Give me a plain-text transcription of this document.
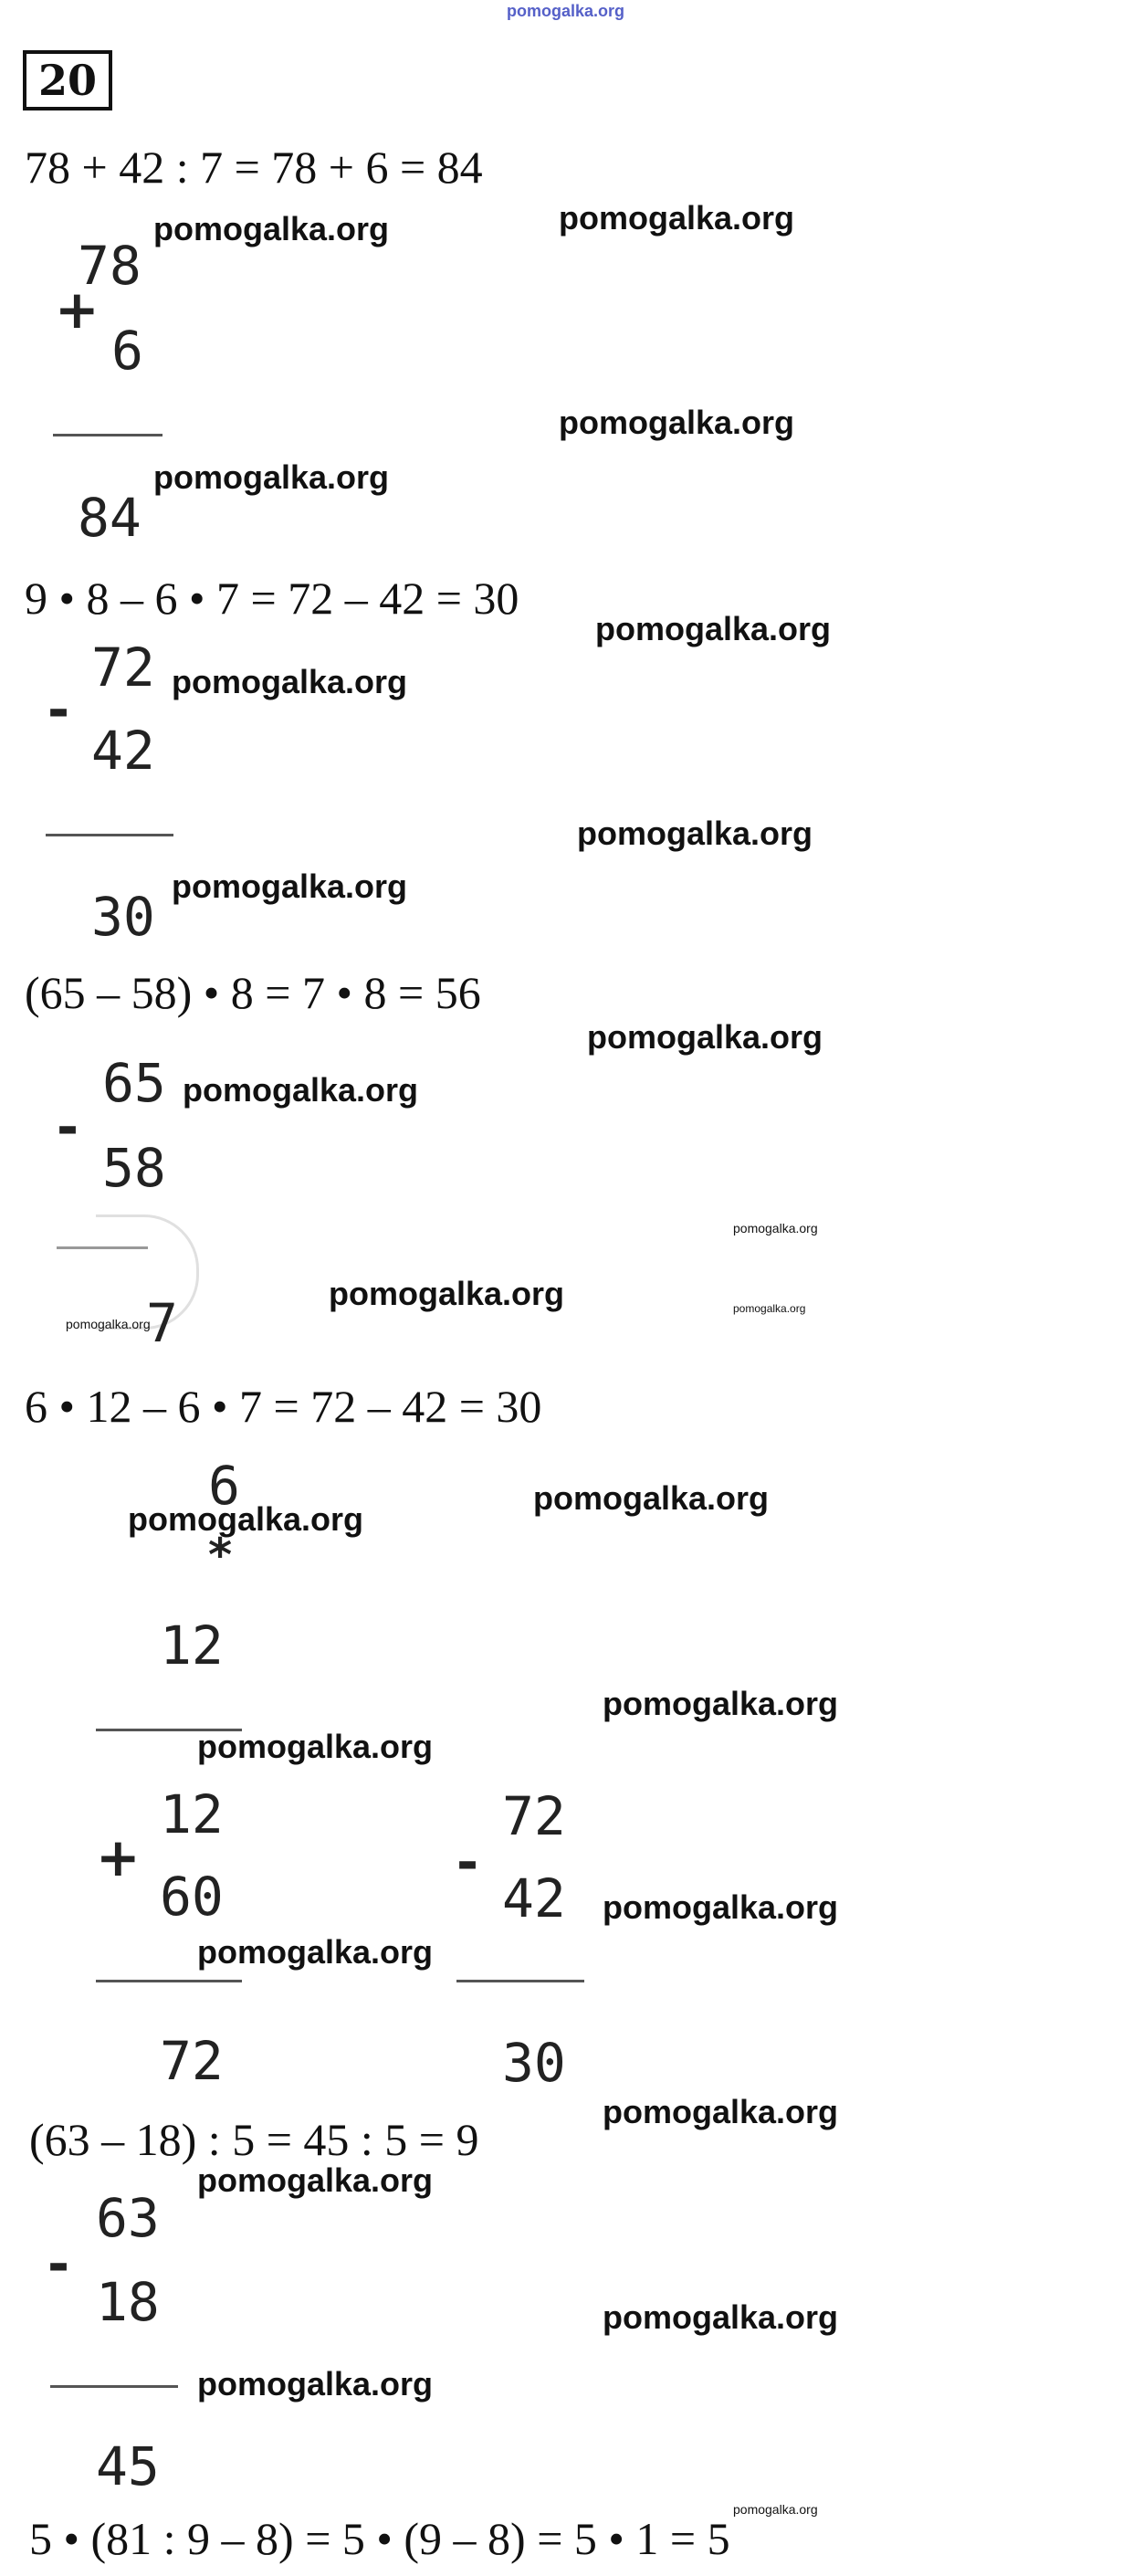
pomogalka.org
20
78 + 42 : 7 = 78 + 6 = 84
+
78
6
84
9 • 8 – 6 • 7 = 72 – 42 = 30
-
72
42
30
(65 – 58) • 8 = 7 • 8 = 56
-
65
58
7
6 • 12 – 6 • 7 = 72 – 42 = 30
6
*
12
+
12
60
72
-
72
42
30
(63 – 18) : 5 = 45 : 5 = 9
-
63
18
45
5 • (81 : 9 – 8) = 5 • (9 – 8) = 5 • 1 = 5
pomogalka.org	pomogalka.org
pomogalka.org
pomogalka.org
pomogalka.org
pomogalka.org
pomogalka.org
pomogalka.org
pomogalka.org
pomogalka.org
pomogalka.org
pomogalka.org	pomogalka.org
pomogalka.org
pomogalka.org
pomogalka.org
pomogalka.org
pomogalka.org
pomogalka.org
pomogalka.org
pomogalka.org
pomogalka.org
pomogalka.org
pomogalka.org
pomogalka.org
